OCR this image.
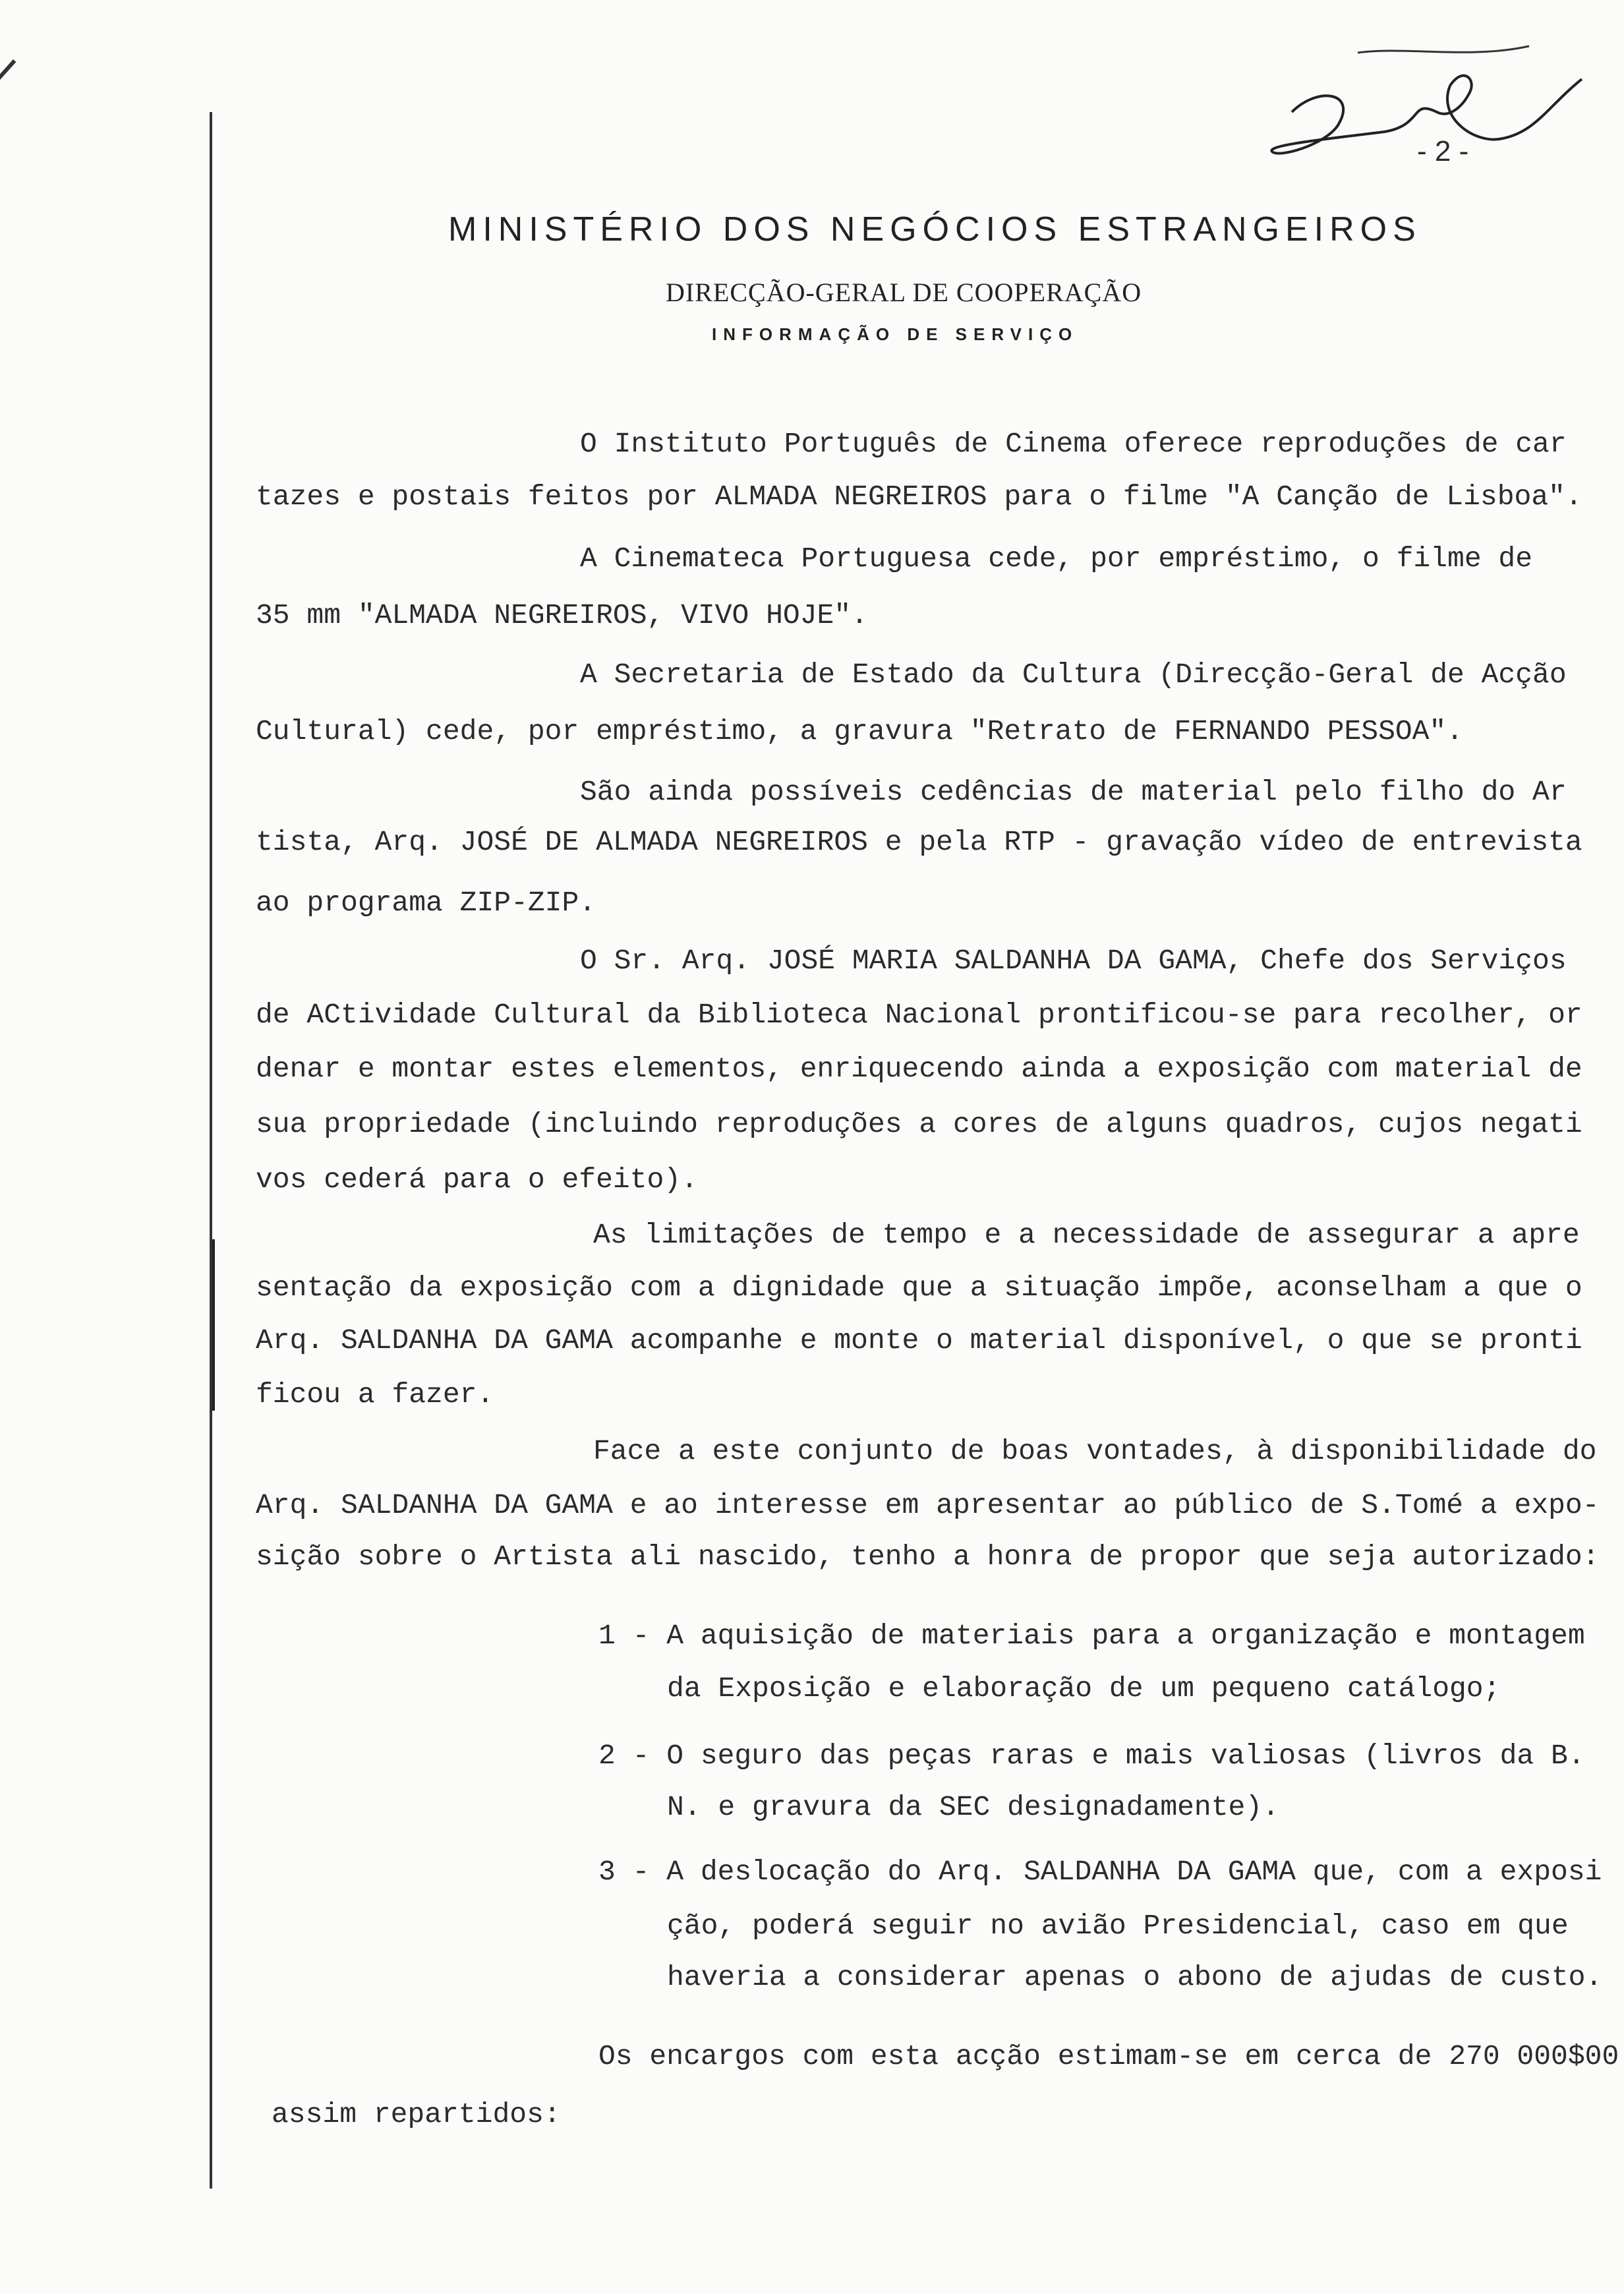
- 2 -
MINISTÉRIO DOS NEGÓCIOS ESTRANGEIROS
DIRECÇÃO-GERAL DE COOPERAÇÃO
INFORMAÇÃO DE SERVIÇO
O Instituto Português de Cinema oferece reproduções de car
tazes e postais feitos por ALMADA NEGREIROS para o filme "A Canção de Lisboa".
A Cinemateca Portuguesa cede, por empréstimo, o filme de
35 mm "ALMADA NEGREIROS, VIVO HOJE".
A Secretaria de Estado da Cultura (Direcção-Geral de Acção
Cultural) cede, por empréstimo, a gravura "Retrato de FERNANDO PESSOA".
São ainda possíveis cedências de material pelo filho do Ar
tista, Arq. JOSÉ DE ALMADA NEGREIROS e pela RTP - gravação vídeo de entrevista
ao programa ZIP-ZIP.
O Sr. Arq. JOSÉ MARIA SALDANHA DA GAMA, Chefe dos Serviços
de ACtividade Cultural da Biblioteca Nacional prontificou-se para recolher, or
denar e montar estes elementos, enriquecendo ainda a exposição com material de
sua propriedade (incluindo reproduções a cores de alguns quadros, cujos negati
vos cederá para o efeito).
As limitações de tempo e a necessidade de assegurar a apre
sentação da exposição com a dignidade que a situação impõe, aconselham a que o
Arq. SALDANHA DA GAMA acompanhe e monte o material disponível, o que se pronti
ficou a fazer.
Face a este conjunto de boas vontades, à disponibilidade do
Arq. SALDANHA DA GAMA e ao interesse em apresentar ao público de S.Tomé a expo-
sição sobre o Artista ali nascido, tenho a honra de propor que seja autorizado:
1 - A aquisição de materiais para a organização e montagem
da Exposição e elaboração de um pequeno catálogo;
2 - O seguro das peças raras e mais valiosas (livros da B.
N. e gravura da SEC designadamente).
3 - A deslocação do Arq. SALDANHA DA GAMA que, com a exposi
ção, poderá seguir no avião Presidencial, caso em que
haveria a considerar apenas o abono de ajudas de custo.
Os encargos com esta acção estimam-se em cerca de 270 000$00
assim repartidos:
